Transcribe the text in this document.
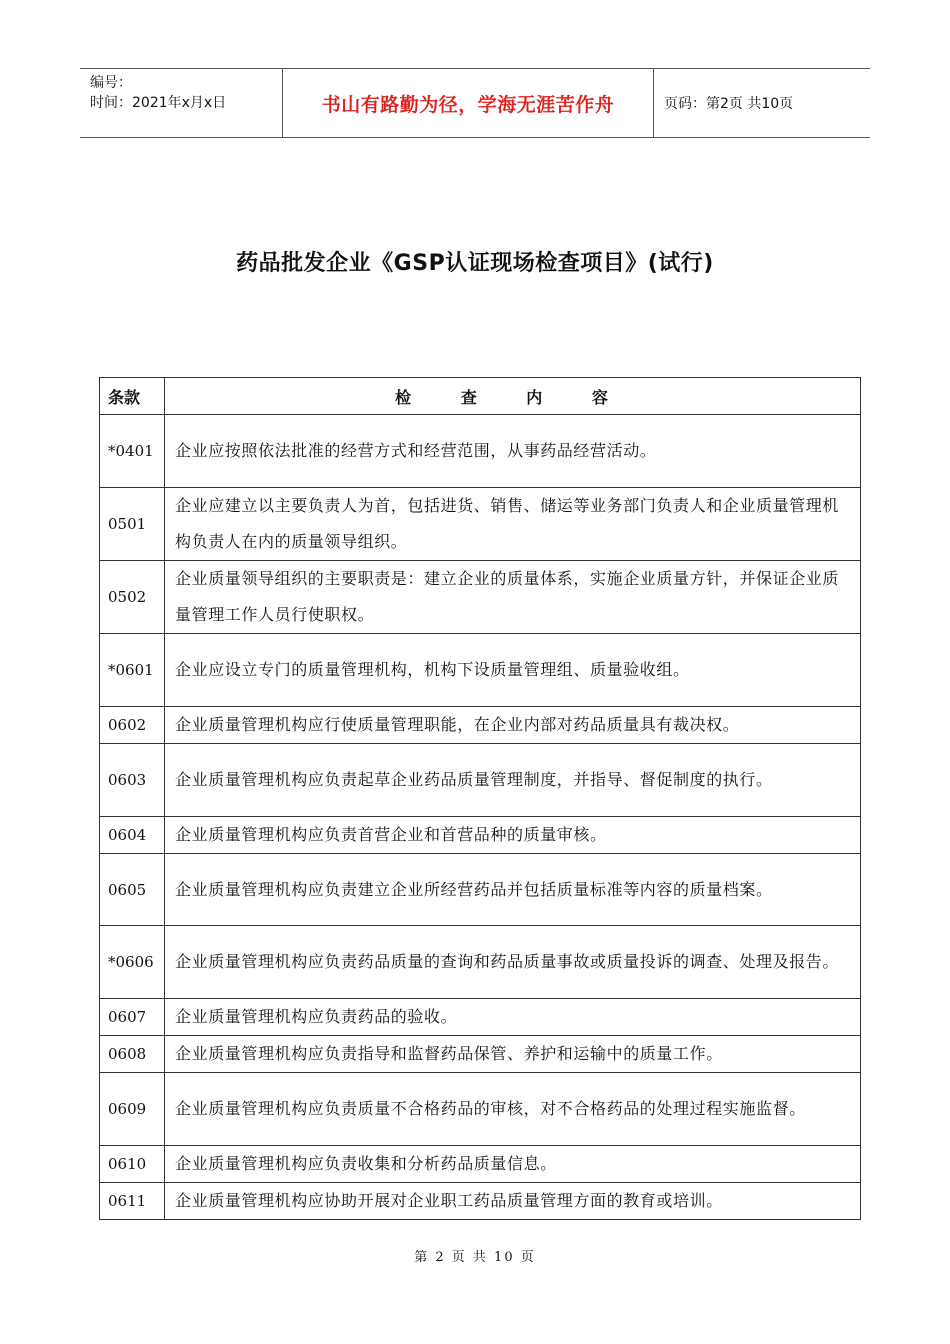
编号：
时间：2021年x月x日	书山有路勤为径，学海无涯苦作舟	页码：第2页 共10页
药品批发企业《GSP认证现场检查项目》(试行)
条款	检 查 内 容
*0401	企业应按照依法批准的经营方式和经营范围，从事药品经营活动。
0501	企业应建立以主要负责人为首，包括进货、销售、储运等业务部门负责人和企业质量管理机构负责人在内的质量领导组织。
0502	企业质量领导组织的主要职责是：建立企业的质量体系，实施企业质量方针，并保证企业质量管理工作人员行使职权。
*0601	企业应设立专门的质量管理机构，机构下设质量管理组、质量验收组。
0602	企业质量管理机构应行使质量管理职能，在企业内部对药品质量具有裁决权。
0603	企业质量管理机构应负责起草企业药品质量管理制度，并指导、督促制度的执行。
0604	企业质量管理机构应负责首营企业和首营品种的质量审核。
0605	企业质量管理机构应负责建立企业所经营药品并包括质量标准等内容的质量档案。
*0606	企业质量管理机构应负责药品质量的查询和药品质量事故或质量投诉的调查、处理及报告。
0607	企业质量管理机构应负责药品的验收。
0608	企业质量管理机构应负责指导和监督药品保管、养护和运输中的质量工作。
0609	企业质量管理机构应负责质量不合格药品的审核，对不合格药品的处理过程实施监督。
0610	企业质量管理机构应负责收集和分析药品质量信息。
0611	企业质量管理机构应协助开展对企业职工药品质量管理方面的教育或培训。
第 2 页 共 10 页
